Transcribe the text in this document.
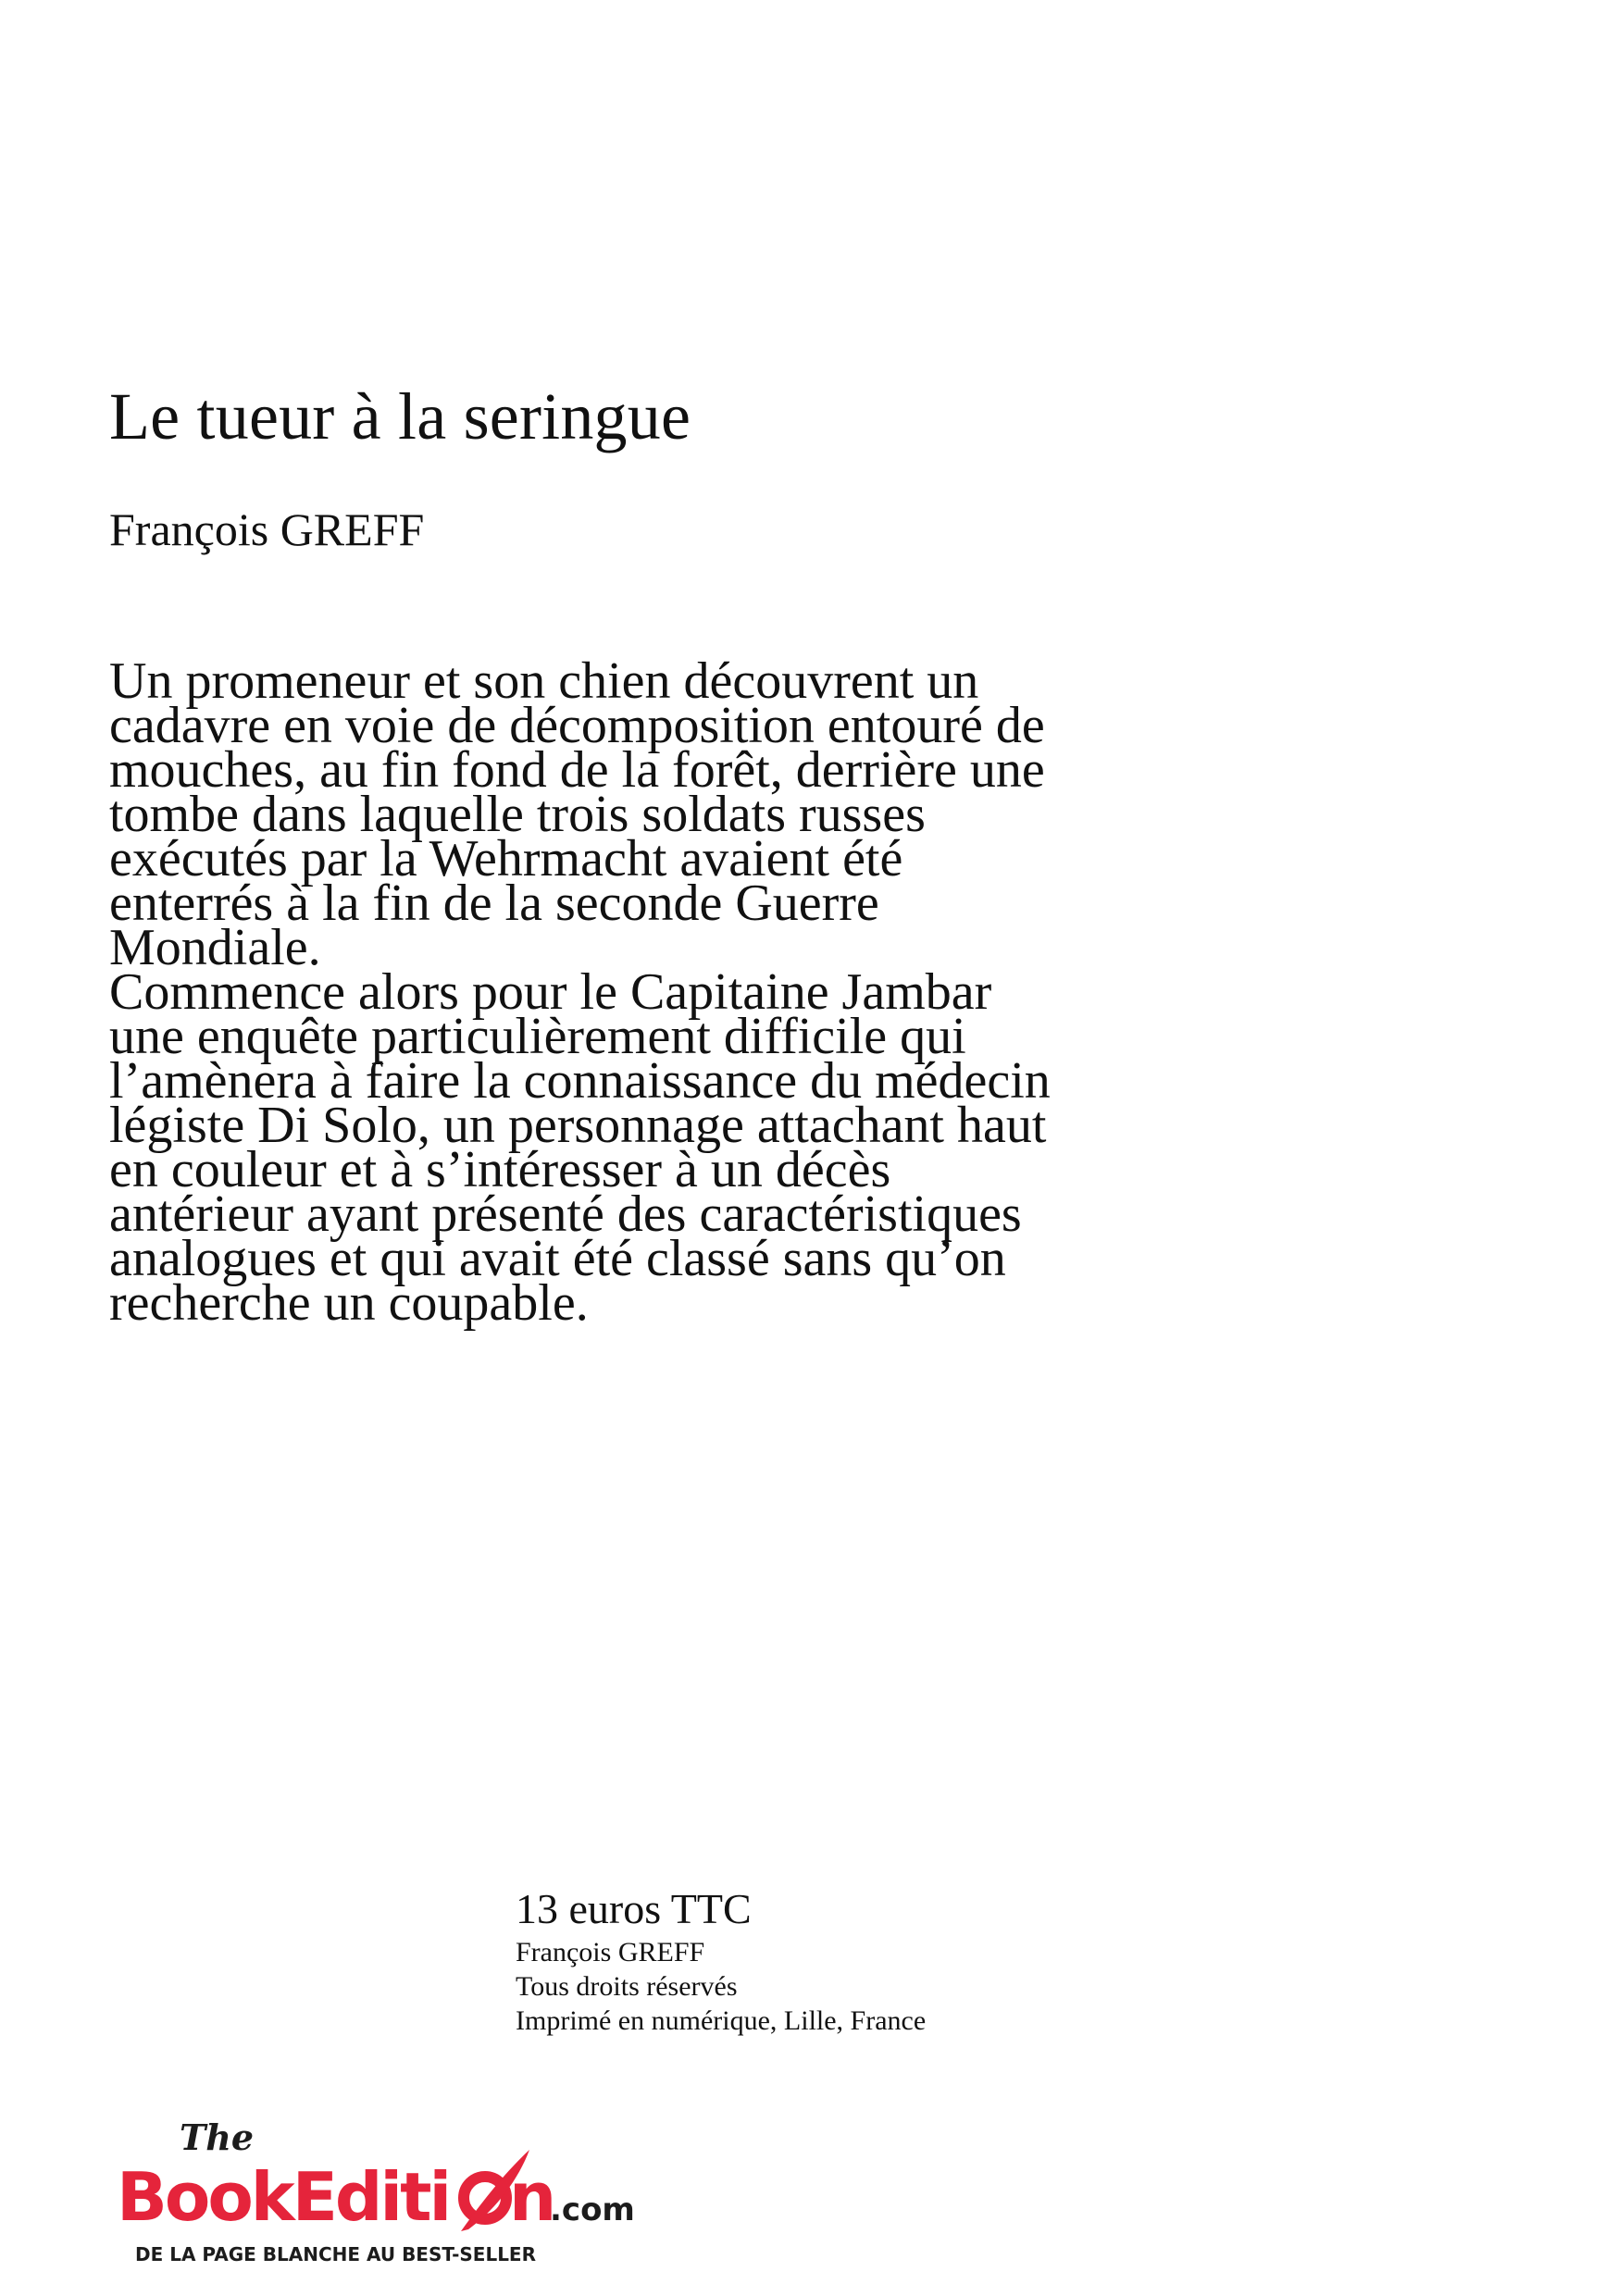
Le tueur à la seringue
François GREFF

Un promeneur et son chien découvrent un
cadavre en voie de décomposition entouré de
mouches, au fin fond de la forêt, derrière une
tombe dans laquelle trois soldats russes
exécutés par la Wehrmacht avaient été
enterrés à la fin de la seconde Guerre
Mondiale.

Commence alors pour le Capitaine Jambar
une enquête particulièrement difficile qui
l’amènera à faire la connaissance du médecin
légiste Di Solo, un personnage attachant haut
en couleur et à s’intéresser à un décès
antérieur ayant présenté des caractéristiques
analogues et qui avait été classé sans qu’on
recherche un coupable.

13 euros TTC
François GREFF
Tous droits réservés
Imprimé en numérique, Lille, France
The
BookEditi n
.com
DE LA PAGE BLANCHE AU BEST-SELLER
